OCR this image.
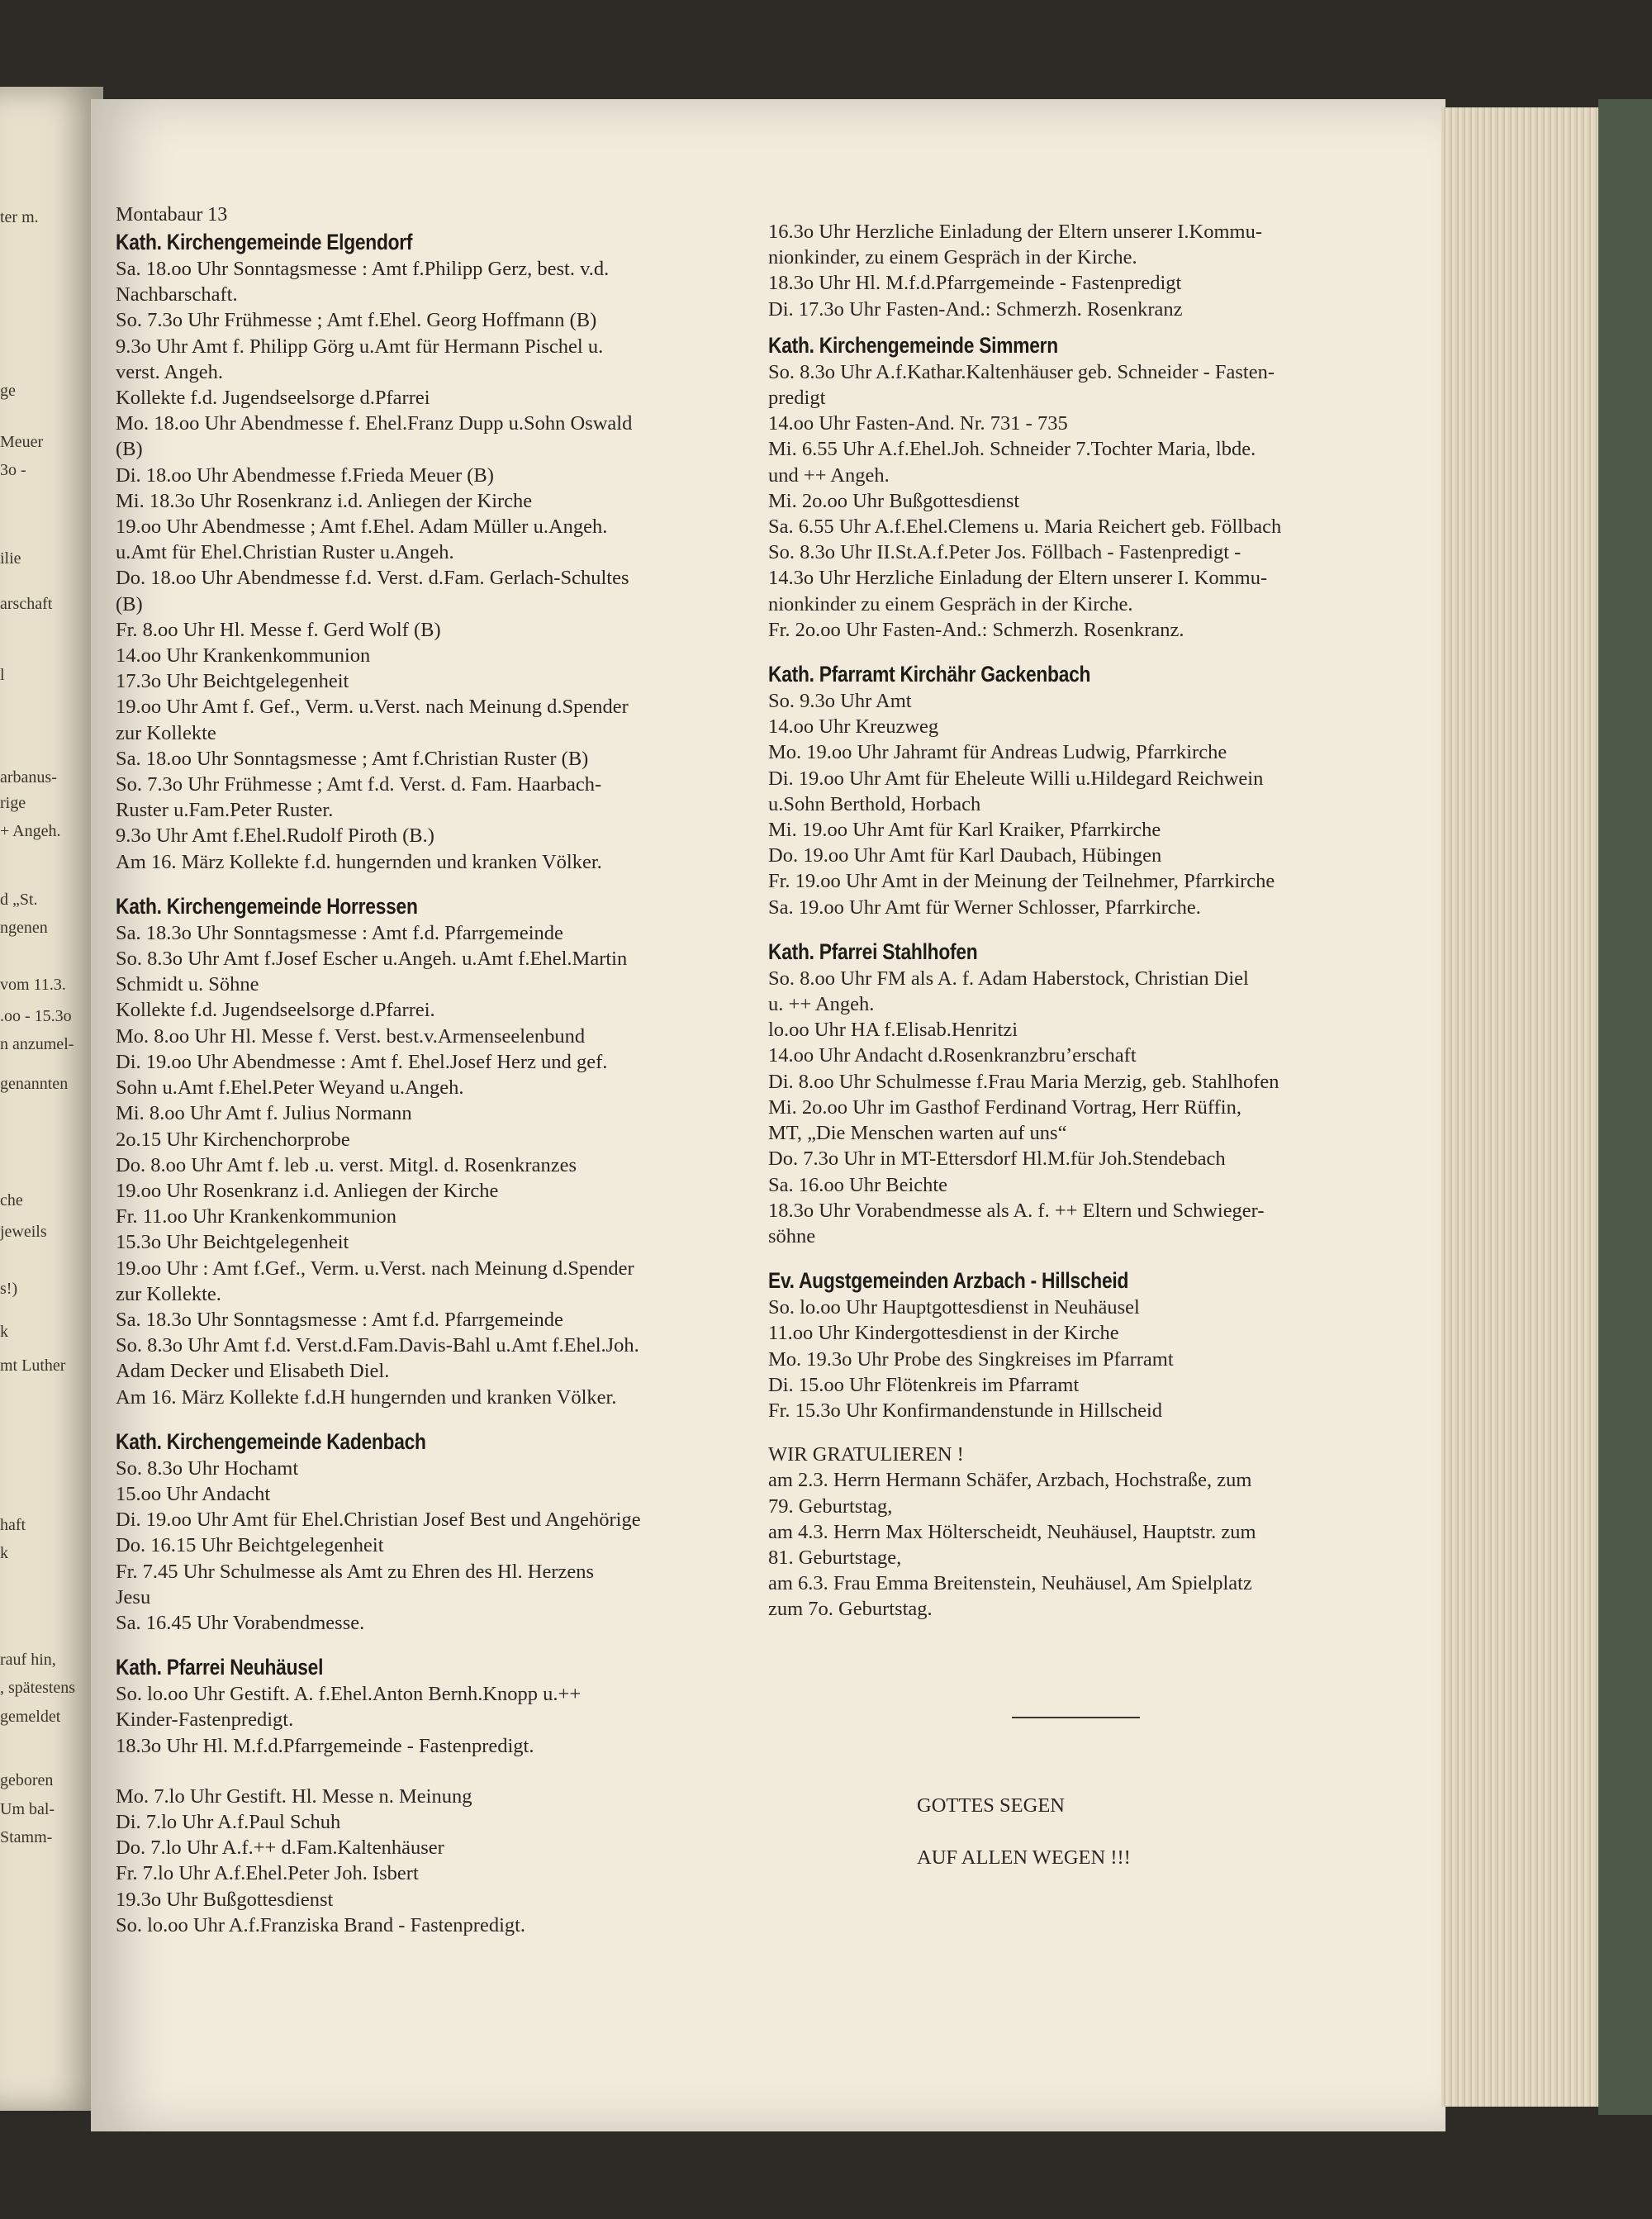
ter m.
ge
Meuer
3o -
ilie
arschaft
l
arbanus-
rige
+ Angeh.
d „St.
ngenen
vom 11.3.
.oo - 15.3o
n anzumel-
genannten
che
jeweils
s!)
k
mt Luther
haft
k
rauf hin,
, spätestens
gemeldet
geboren
Um bal-
Stamm-
Montabaur 13
Kath. Kirchengemeinde Elgendorf
Sa. 18.oo Uhr Sonntagsmesse : Amt f.Philipp Gerz, best. v.d.
Nachbarschaft.
So. 7.3o Uhr Frühmesse ; Amt f.Ehel. Georg Hoffmann (B)
9.3o Uhr Amt f. Philipp Görg u.Amt für Hermann Pischel u.
verst. Angeh.
Kollekte f.d. Jugendseelsorge d.Pfarrei
Mo. 18.oo Uhr Abendmesse f. Ehel.Franz Dupp u.Sohn Oswald
(B)
Di. 18.oo Uhr Abendmesse f.Frieda Meuer (B)
Mi. 18.3o Uhr Rosenkranz i.d. Anliegen der Kirche
19.oo Uhr Abendmesse ; Amt f.Ehel. Adam Müller u.Angeh.
u.Amt für Ehel.Christian Ruster u.Angeh.
Do. 18.oo Uhr Abendmesse f.d. Verst. d.Fam. Gerlach-Schultes
(B)
Fr. 8.oo Uhr Hl. Messe f. Gerd Wolf (B)
14.oo Uhr Krankenkommunion
17.3o Uhr Beichtgelegenheit
19.oo Uhr Amt f. Gef., Verm. u.Verst. nach Meinung d.Spender
zur Kollekte
Sa. 18.oo Uhr Sonntagsmesse ; Amt f.Christian Ruster (B)
So. 7.3o Uhr Frühmesse ; Amt f.d. Verst. d. Fam. Haarbach-
Ruster u.Fam.Peter Ruster.
9.3o Uhr Amt f.Ehel.Rudolf Piroth (B.)
Am 16. März Kollekte f.d. hungernden und kranken Völker.
Kath. Kirchengemeinde Horressen
Sa. 18.3o Uhr Sonntagsmesse : Amt f.d. Pfarrgemeinde
So. 8.3o Uhr Amt f.Josef Escher u.Angeh. u.Amt f.Ehel.Martin
Schmidt u. Söhne
Kollekte f.d. Jugendseelsorge d.Pfarrei.
Mo. 8.oo Uhr Hl. Messe f. Verst. best.v.Armenseelenbund
Di. 19.oo Uhr Abendmesse : Amt f. Ehel.Josef Herz und gef.
Sohn u.Amt f.Ehel.Peter Weyand u.Angeh.
Mi. 8.oo Uhr Amt f. Julius Normann
2o.15 Uhr Kirchenchorprobe
Do. 8.oo Uhr Amt f. leb .u. verst. Mitgl. d. Rosenkranzes
19.oo Uhr Rosenkranz i.d. Anliegen der Kirche
Fr. 11.oo Uhr Krankenkommunion
15.3o Uhr Beichtgelegenheit
19.oo Uhr : Amt f.Gef., Verm. u.Verst. nach Meinung d.Spender
zur Kollekte.
Sa. 18.3o Uhr Sonntagsmesse : Amt f.d. Pfarrgemeinde
So. 8.3o Uhr Amt f.d. Verst.d.Fam.Davis-Bahl u.Amt f.Ehel.Joh.
Adam Decker und Elisabeth Diel.
Am 16. März Kollekte f.d.H hungernden und kranken Völker.
Kath. Kirchengemeinde Kadenbach
So. 8.3o Uhr Hochamt
15.oo Uhr Andacht
Di. 19.oo Uhr Amt für Ehel.Christian Josef Best und Angehörige
Do. 16.15 Uhr Beichtgelegenheit
Fr. 7.45 Uhr Schulmesse als Amt zu Ehren des Hl. Herzens
Jesu
Sa. 16.45 Uhr Vorabendmesse.
Kath. Pfarrei Neuhäusel
So. lo.oo Uhr Gestift. A. f.Ehel.Anton Bernh.Knopp u.++
Kinder-Fastenpredigt.
18.3o Uhr Hl. M.f.d.Pfarrgemeinde - Fastenpredigt.
Mo. 7.lo Uhr Gestift. Hl. Messe n. Meinung
Di. 7.lo Uhr A.f.Paul Schuh
Do. 7.lo Uhr A.f.++ d.Fam.Kaltenhäuser
Fr. 7.lo Uhr A.f.Ehel.Peter Joh. Isbert
19.3o Uhr Bußgottesdienst
So. lo.oo Uhr A.f.Franziska Brand - Fastenpredigt.
16.3o Uhr Herzliche Einladung der Eltern unserer I.Kommu-
nionkinder, zu einem Gespräch in der Kirche.
18.3o Uhr Hl. M.f.d.Pfarrgemeinde - Fastenpredigt
Di. 17.3o Uhr Fasten-And.: Schmerzh. Rosenkranz
Kath. Kirchengemeinde Simmern
So. 8.3o Uhr A.f.Kathar.Kaltenhäuser geb. Schneider - Fasten-
predigt
14.oo Uhr Fasten-And. Nr. 731 - 735
Mi. 6.55 Uhr A.f.Ehel.Joh. Schneider 7.Tochter Maria, lbde.
und ++ Angeh.
Mi. 2o.oo Uhr Bußgottesdienst
Sa. 6.55 Uhr A.f.Ehel.Clemens u. Maria Reichert geb. Föllbach
So. 8.3o Uhr II.St.A.f.Peter Jos. Föllbach - Fastenpredigt -
14.3o Uhr Herzliche Einladung der Eltern unserer I. Kommu-
nionkinder zu einem Gespräch in der Kirche.
Fr. 2o.oo Uhr Fasten-And.: Schmerzh. Rosenkranz.
Kath. Pfarramt Kirchähr Gackenbach
So. 9.3o Uhr Amt
14.oo Uhr Kreuzweg
Mo. 19.oo Uhr Jahramt für Andreas Ludwig, Pfarrkirche
Di. 19.oo Uhr Amt für Eheleute Willi u.Hildegard Reichwein
u.Sohn Berthold, Horbach
Mi. 19.oo Uhr Amt für Karl Kraiker, Pfarrkirche
Do. 19.oo Uhr Amt für Karl Daubach, Hübingen
Fr. 19.oo Uhr Amt in der Meinung der Teilnehmer, Pfarrkirche
Sa. 19.oo Uhr Amt für Werner Schlosser, Pfarrkirche.
Kath. Pfarrei Stahlhofen
So. 8.oo Uhr FM als A. f. Adam Haberstock, Christian Diel
u. ++ Angeh.
lo.oo Uhr HA f.Elisab.Henritzi
14.oo Uhr Andacht d.Rosenkranzbru’erschaft
Di. 8.oo Uhr Schulmesse f.Frau Maria Merzig, geb. Stahlhofen
Mi. 2o.oo Uhr im Gasthof Ferdinand Vortrag, Herr Rüffin,
MT, „Die Menschen warten auf uns“
Do. 7.3o Uhr in MT-Ettersdorf Hl.M.für Joh.Stendebach
Sa. 16.oo Uhr Beichte
18.3o Uhr Vorabendmesse als A. f. ++ Eltern und Schwieger-
söhne
Ev. Augstgemeinden Arzbach - Hillscheid
So. lo.oo Uhr Hauptgottesdienst in Neuhäusel
11.oo Uhr Kindergottesdienst in der Kirche
Mo. 19.3o Uhr Probe des Singkreises im Pfarramt
Di. 15.oo Uhr Flötenkreis im Pfarramt
Fr. 15.3o Uhr Konfirmandenstunde in Hillscheid
WIR GRATULIEREN !
am 2.3. Herrn Hermann Schäfer, Arzbach, Hochstraße, zum
79. Geburtstag,
am 4.3. Herrn Max Hölterscheidt, Neuhäusel, Hauptstr. zum
81. Geburtstage,
am 6.3. Frau Emma Breitenstein, Neuhäusel, Am Spielplatz
zum 7o. Geburtstag.
GOTTES SEGEN
AUF ALLEN WEGEN !!!
